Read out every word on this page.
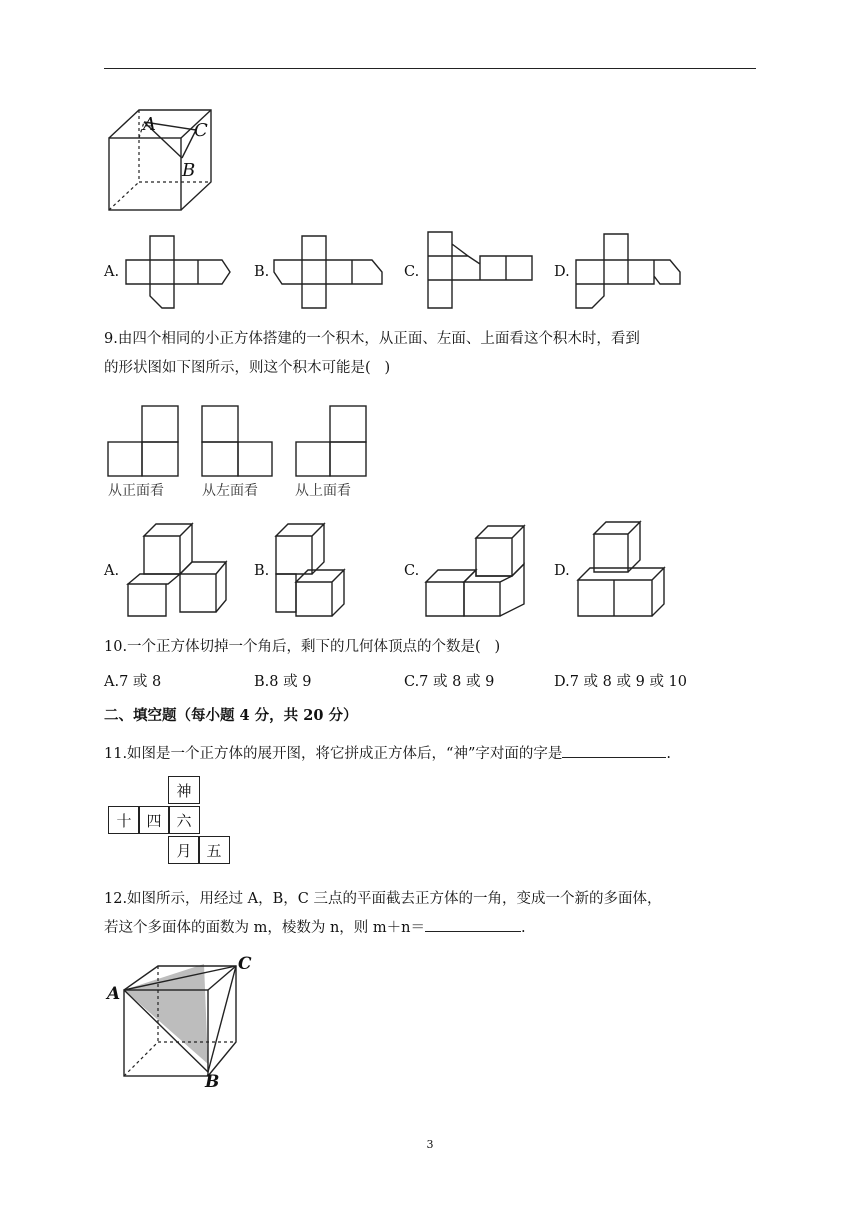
A C
B
A.	B.	C.	D.
9.由四个相同的小正方体搭建的一个积木，从正面、左面、上面看这个积木时，看到
的形状图如下图所示，则这个积木可能是(   )
从正面看	从左面看	从上面看
A.	B.	C.	D.
10.一个正方体切掉一个角后，剩下的几何体顶点的个数是(   )
A.7 或 8	B.8 或 9	C.7 或 8 或 9	D.7 或 8 或 9 或 10
二、填空题（每小题 4 分，共 20 分）
11.如图是一个正方体的展开图，将它拼成正方体后，“神”字对面的字是	.
神
十 四 六
月 五
12.如图所示，用经过 A，B，C 三点的平面截去正方体的一角，变成一个新的多面体，
若这个多面体的面数为 m，棱数为 n，则 m＋n＝	.
A
C
B
3
